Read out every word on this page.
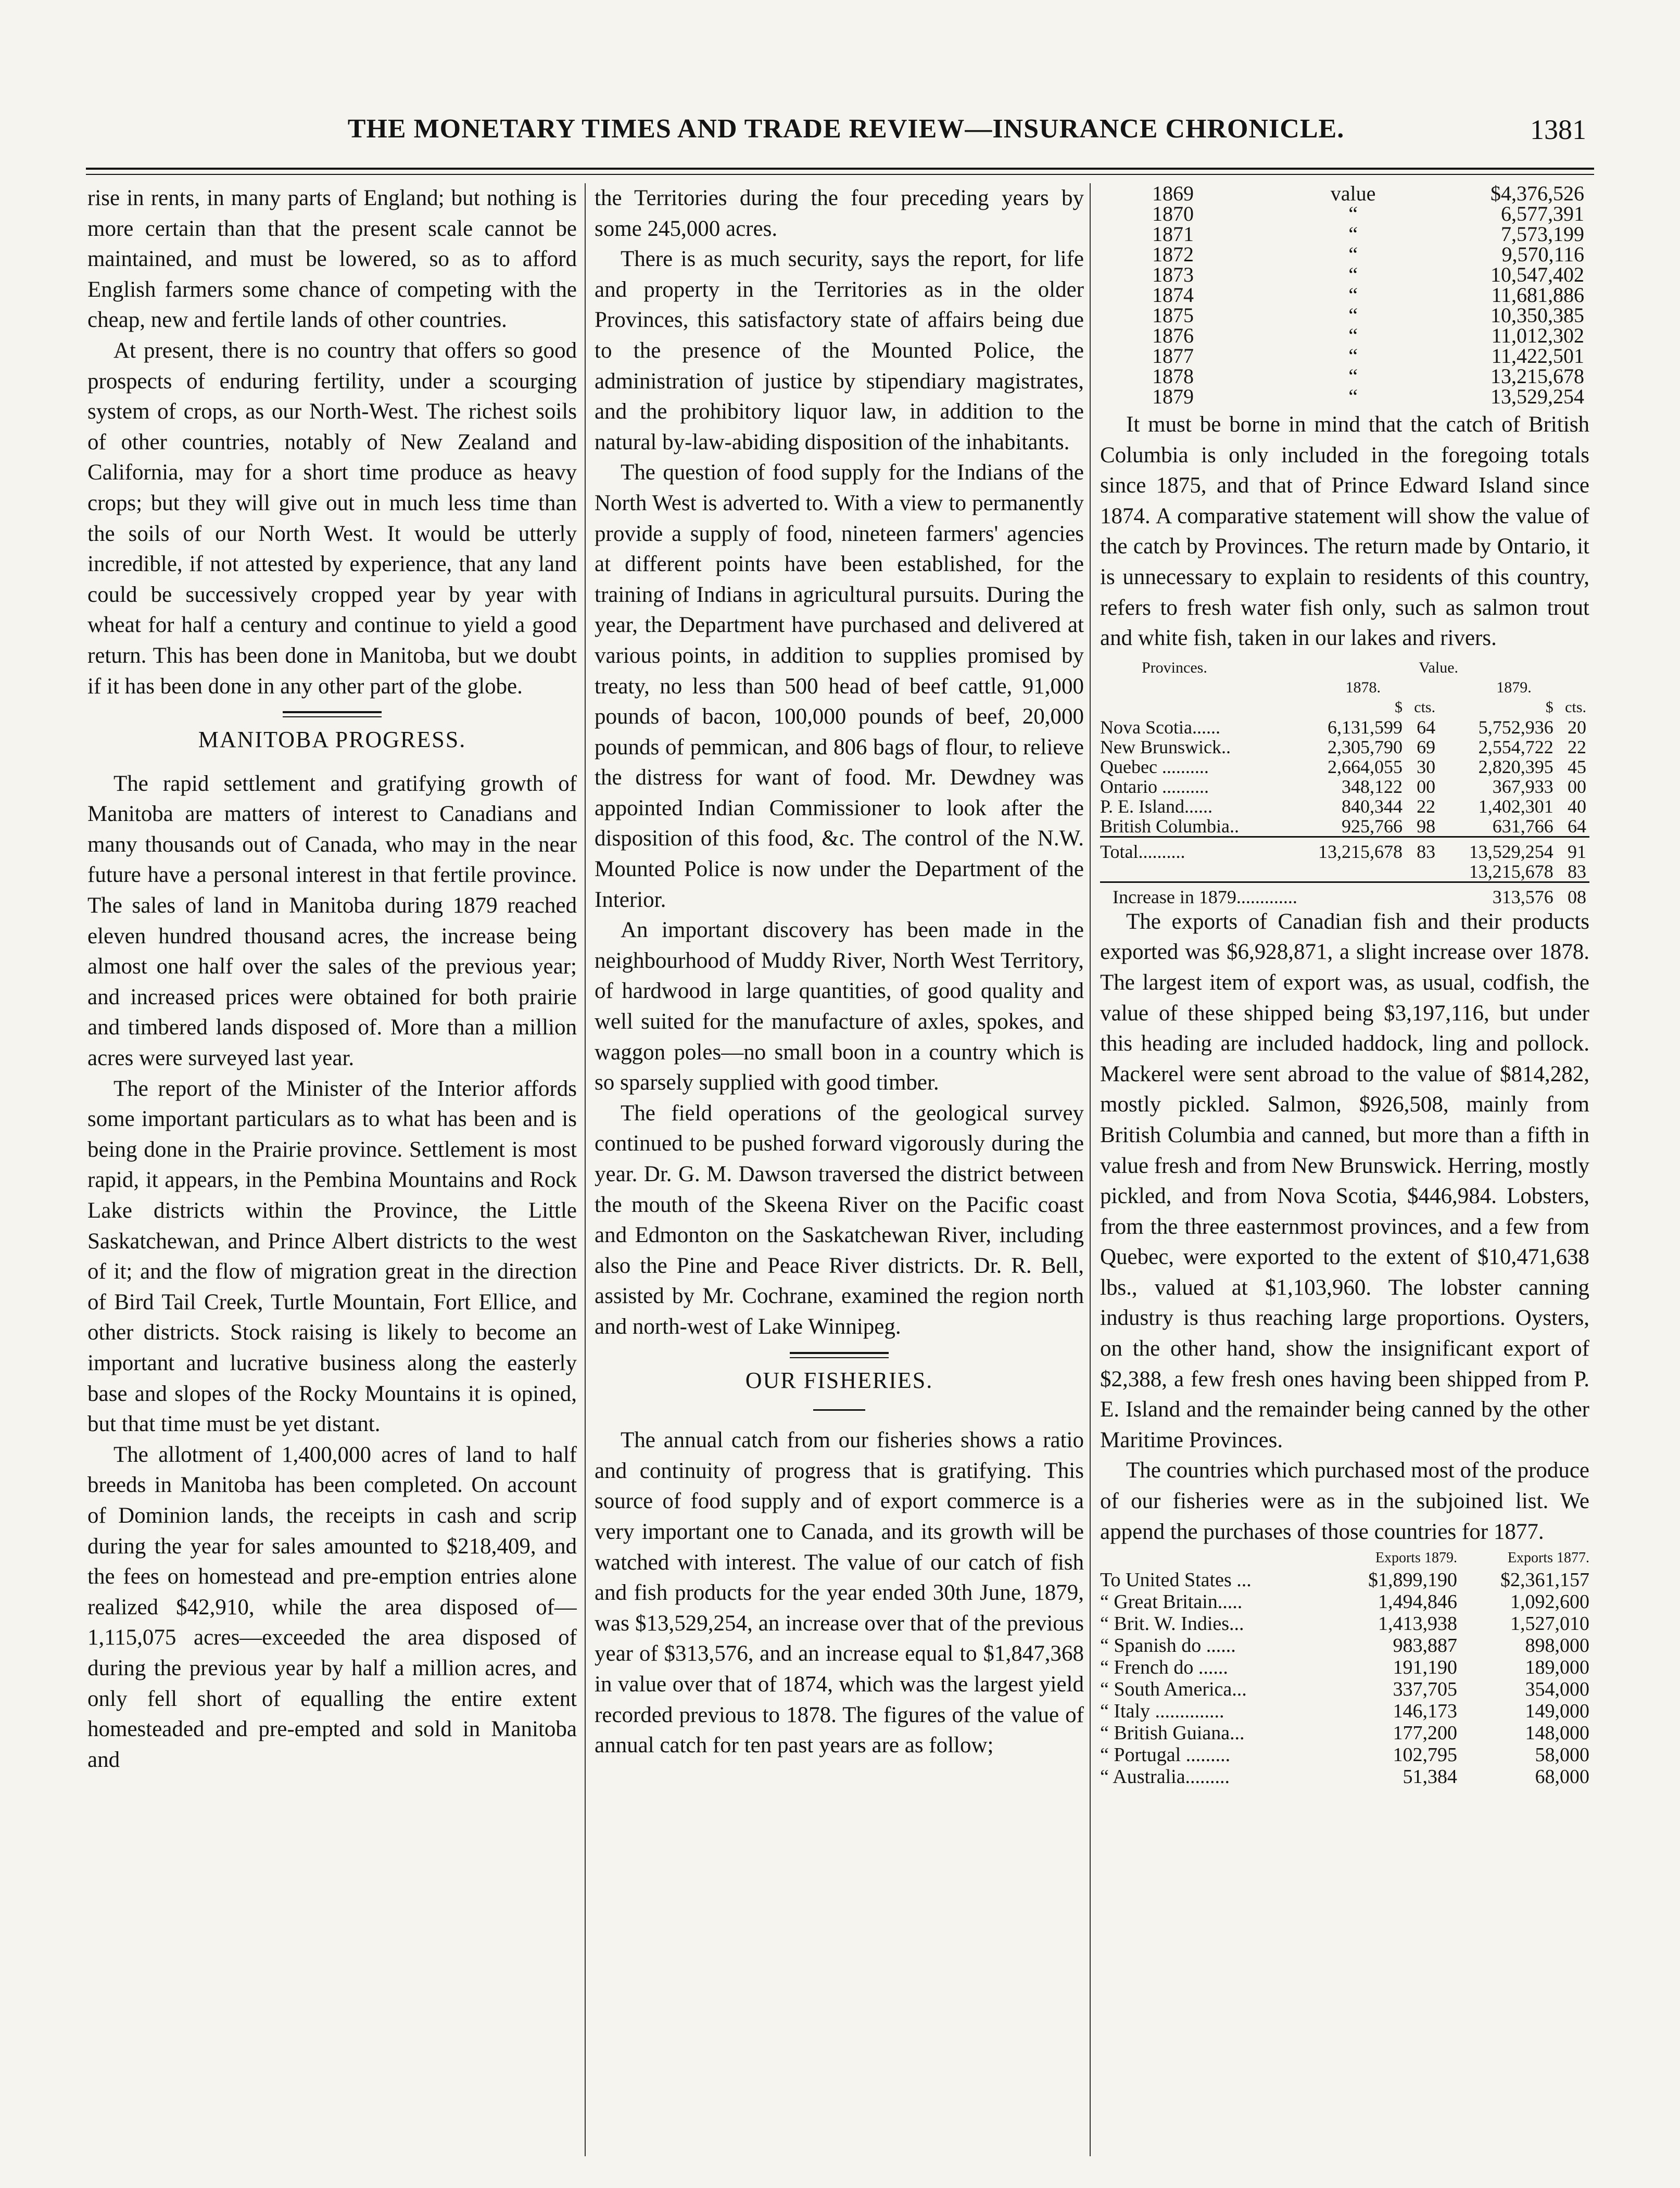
THE MONETARY TIMES AND TRADE REVIEW—INSURANCE CHRONICLE.	1381

rise in rents, in many parts of England; but nothing is more certain than that the present scale cannot be maintained, and must be lowered, so as to afford English farmers some chance of competing with the cheap, new and fertile lands of other countries.

At present, there is no country that offers so good prospects of enduring fertility, under a scourging system of crops, as our North-West. The richest soils of other countries, notably of New Zealand and California, may for a short time produce as heavy crops; but they will give out in much less time than the soils of our North West. It would be utterly incredible, if not attested by experience, that any land could be successively cropped year by year with wheat for half a century and continue to yield a good return. This has been done in Manitoba, but we doubt if it has been done in any other part of the globe.

MANITOBA PROGRESS.

The rapid settlement and gratifying growth of Manitoba are matters of interest to Canadians and many thousands out of Canada, who may in the near future have a personal interest in that fertile province. The sales of land in Manitoba during 1879 reached eleven hundred thousand acres, the increase being almost one half over the sales of the previous year; and increased prices were obtained for both prairie and timbered lands disposed of. More than a million acres were surveyed last year.

The report of the Minister of the Interior affords some important particulars as to what has been and is being done in the Prairie province. Settlement is most rapid, it appears, in the Pembina Mountains and Rock Lake districts within the Province, the Little Saskatchewan, and Prince Albert districts to the west of it; and the flow of migration great in the direction of Bird Tail Creek, Turtle Mountain, Fort Ellice, and other districts. Stock raising is likely to become an important and lucrative business along the easterly base and slopes of the Rocky Mountains it is opined, but that time must be yet distant.

The allotment of 1,400,000 acres of land to half breeds in Manitoba has been completed. On account of Dominion lands, the receipts in cash and scrip during the year for sales amounted to $218,409, and the fees on homestead and pre-emption entries alone realized $42,910, while the area disposed of—1,115,075 acres—exceeded the area disposed of during the previous year by half a million acres, and only fell short of equalling the entire extent homesteaded and pre-empted and sold in Manitoba and

the Territories during the four preceding years by some 245,000 acres.

There is as much security, says the report, for life and property in the Territories as in the older Provinces, this satisfactory state of affairs being due to the presence of the Mounted Police, the administration of justice by stipendiary magistrates, and the prohibitory liquor law, in addition to the natural by-law-abiding disposition of the inhabitants.

The question of food supply for the Indians of the North West is adverted to. With a view to permanently provide a supply of food, nineteen farmers' agencies at different points have been established, for the training of Indians in agricultural pursuits. During the year, the Department have purchased and delivered at various points, in addition to supplies promised by treaty, no less than 500 head of beef cattle, 91,000 pounds of bacon, 100,000 pounds of beef, 20,000 pounds of pemmican, and 806 bags of flour, to relieve the distress for want of food. Mr. Dewdney was appointed Indian Commissioner to look after the disposition of this food, &c. The control of the N.W. Mounted Police is now under the Department of the Interior.

An important discovery has been made in the neighbourhood of Muddy River, North West Territory, of hardwood in large quantities, of good quality and well suited for the manufacture of axles, spokes, and waggon poles—no small boon in a country which is so sparsely supplied with good timber.

The field operations of the geological survey continued to be pushed forward vigorously during the year. Dr. G. M. Dawson traversed the district between the mouth of the Skeena River on the Pacific coast and Edmonton on the Saskatchewan River, including also the Pine and Peace River districts. Dr. R. Bell, assisted by Mr. Cochrane, examined the region north and north-west of Lake Winnipeg.

OUR FISHERIES.

The annual catch from our fisheries shows a ratio and continuity of progress that is gratifying. This source of food supply and of export commerce is a very important one to Canada, and its growth will be watched with interest. The value of our catch of fish and fish products for the year ended 30th June, 1879, was $13,529,254, an increase over that of the previous year of $313,576, and an increase equal to $1,847,368 in value over that of 1874, which was the largest yield recorded previous to 1878. The figures of the value of annual catch for ten past years are as follow;

1869	value	$4,376,526
1870	“	6,577,391
1871	“	7,573,199
1872	“	9,570,116
1873	“	10,547,402
1874	“	11,681,886
1875	“	10,350,385
1876	“	11,012,302
1877	“	11,422,501
1878	“	13,215,678
1879	“	13,529,254

It must be borne in mind that the catch of British Columbia is only included in the foregoing totals since 1875, and that of Prince Edward Island since 1874. A comparative statement will show the value of the catch by Provinces. The return made by Ontario, it is unnecessary to explain to residents of this country, refers to fresh water fish only, such as salmon trout and white fish, taken in our lakes and rivers.

Provinces.	Value.			
	1878.		1879.	
	$	cts.	$	cts.
Nova Scotia......	6,131,599	64	5,752,936	20
New Brunswick..	2,305,790	69	2,554,722	22
Quebec ..........	2,664,055	30	2,820,395	45
Ontario ..........	348,122	00	367,933	00
P. E. Island......	840,344	22	1,402,301	40
British Columbia..	925,766	98	631,766	64

Total..........	13,215,678	83	13,529,254	91
			13,215,678	83

Increase in 1879.............			313,576	08

The exports of Canadian fish and their products exported was $6,928,871, a slight increase over 1878. The largest item of export was, as usual, codfish, the value of these shipped being $3,197,116, but under this heading are included haddock, ling and pollock. Mackerel were sent abroad to the value of $814,282, mostly pickled. Salmon, $926,508, mainly from British Columbia and canned, but more than a fifth in value fresh and from New Brunswick. Herring, mostly pickled, and from Nova Scotia, $446,984. Lobsters, from the three easternmost provinces, and a few from Quebec, were exported to the extent of $10,471,638 lbs., valued at $1,103,960. The lobster canning industry is thus reaching large proportions. Oysters, on the other hand, show the insignificant export of $2,388, a few fresh ones having been shipped from P. E. Island and the remainder being canned by the other Maritime Provinces.

The countries which purchased most of the produce of our fisheries were as in the subjoined list. We append the purchases of those countries for 1877.

	Exports 1879.	Exports 1877.
To United States ...	$1,899,190	$2,361,157
“ Great Britain.....	1,494,846	1,092,600
“ Brit. W. Indies...	1,413,938	1,527,010
“ Spanish do ......	983,887	898,000
“ French do ......	191,190	189,000
“ South America...	337,705	354,000
“ Italy ..............	146,173	149,000
“ British Guiana...	177,200	148,000
“ Portugal .........	102,795	58,000
“ Australia.........	51,384	68,000
